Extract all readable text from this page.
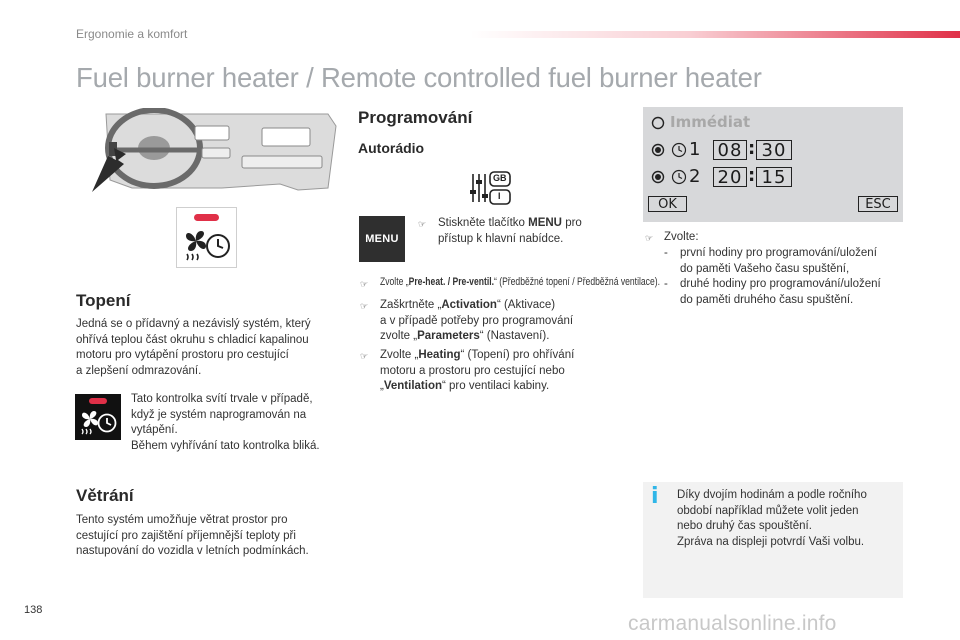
Ergonomie a komfort
Fuel burner heater / Remote controlled fuel burner heater
Topení
Jedná se o přídavný a nezávislý systém, který
ohřívá teplou část okruhu s chladicí kapalinou
motoru pro vytápění prostoru pro cestující
a zlepšení odmrazování.
Tato kontrolka svítí trvale v případě,
když je systém naprogramován na
vytápění.
Během vyhřívání tato kontrolka bliká.
Větrání
Tento systém umožňuje větrat prostor pro
cestující pro zajištění příjemnější teploty při
nastupování do vozidla v letních podmínkách.
Programování
Autorádio
GB
I
MENU
☞ Stiskněte tlačítko MENU pro
přístup k hlavní nabídce.
☞ Zvolte „Pre-heat. / Pre-ventil.“ (Předběžné topení / Předběžná ventilace).
☞ Zaškrtněte „Activation“ (Aktivace)
a v případě potřeby pro programování
zvolte „Parameters“ (Nastavení).
☞ Zvolte „Heating“ (Topení) pro ohřívání
motoru a prostoru pro cestující nebo
„Ventilation“ pro ventilaci kabiny.
Immédiat
1 08 : 30
2 20 : 15
OK	ESC
☞ Zvolte:
- první hodiny pro programování/uložení
do paměti Vašeho času spuštění,
- druhé hodiny pro programování/uložení
do paměti druhého času spuštění.
i Díky dvojím hodinám a podle ročního
období například můžete volit jeden
nebo druhý čas spouštění.
Zpráva na displeji potvrdí Vaši volbu.
138
carmanualsonline.info
